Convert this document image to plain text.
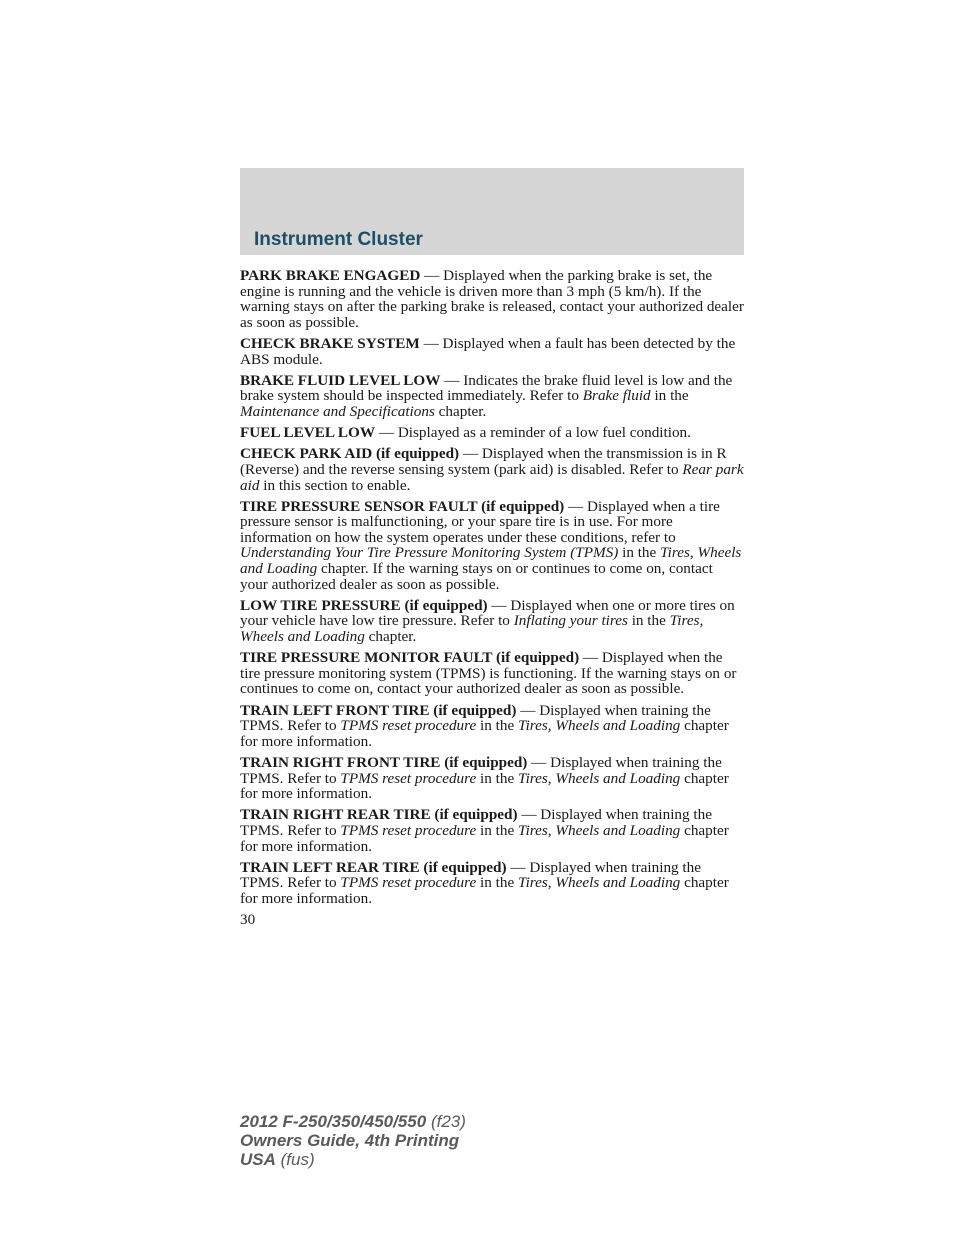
Instrument Cluster

PARK BRAKE ENGAGED — Displayed when the parking brake is set, the engine is running and the vehicle is driven more than 3 mph (5 km/h). If the warning stays on after the parking brake is released, contact your authorized dealer as soon as possible.

CHECK BRAKE SYSTEM — Displayed when a fault has been detected by the ABS module.

BRAKE FLUID LEVEL LOW — Indicates the brake fluid level is low and the brake system should be inspected immediately. Refer to Brake fluid in the Maintenance and Specifications chapter.

FUEL LEVEL LOW — Displayed as a reminder of a low fuel condition.

CHECK PARK AID (if equipped) — Displayed when the transmission is in R (Reverse) and the reverse sensing system (park aid) is disabled. Refer to Rear park aid in this section to enable.

TIRE PRESSURE SENSOR FAULT (if equipped) — Displayed when a tire pressure sensor is malfunctioning, or your spare tire is in use. For more information on how the system operates under these conditions, refer to Understanding Your Tire Pressure Monitoring System (TPMS) in the Tires, Wheels and Loading chapter. If the warning stays on or continues to come on, contact your authorized dealer as soon as possible.

LOW TIRE PRESSURE (if equipped) — Displayed when one or more tires on your vehicle have low tire pressure. Refer to Inflating your tires in the Tires, Wheels and Loading chapter.

TIRE PRESSURE MONITOR FAULT (if equipped) — Displayed when the tire pressure monitoring system (TPMS) is functioning. If the warning stays on or continues to come on, contact your authorized dealer as soon as possible.

TRAIN LEFT FRONT TIRE (if equipped) — Displayed when training the TPMS. Refer to TPMS reset procedure in the Tires, Wheels and Loading chapter for more information.

TRAIN RIGHT FRONT TIRE (if equipped) — Displayed when training the TPMS. Refer to TPMS reset procedure in the Tires, Wheels and Loading chapter for more information.

TRAIN RIGHT REAR TIRE (if equipped) — Displayed when training the TPMS. Refer to TPMS reset procedure in the Tires, Wheels and Loading chapter for more information.

TRAIN LEFT REAR TIRE (if equipped) — Displayed when training the TPMS. Refer to TPMS reset procedure in the Tires, Wheels and Loading chapter for more information.

30
2012 F-250/350/450/550 (f23)
Owners Guide, 4th Printing
USA (fus)
